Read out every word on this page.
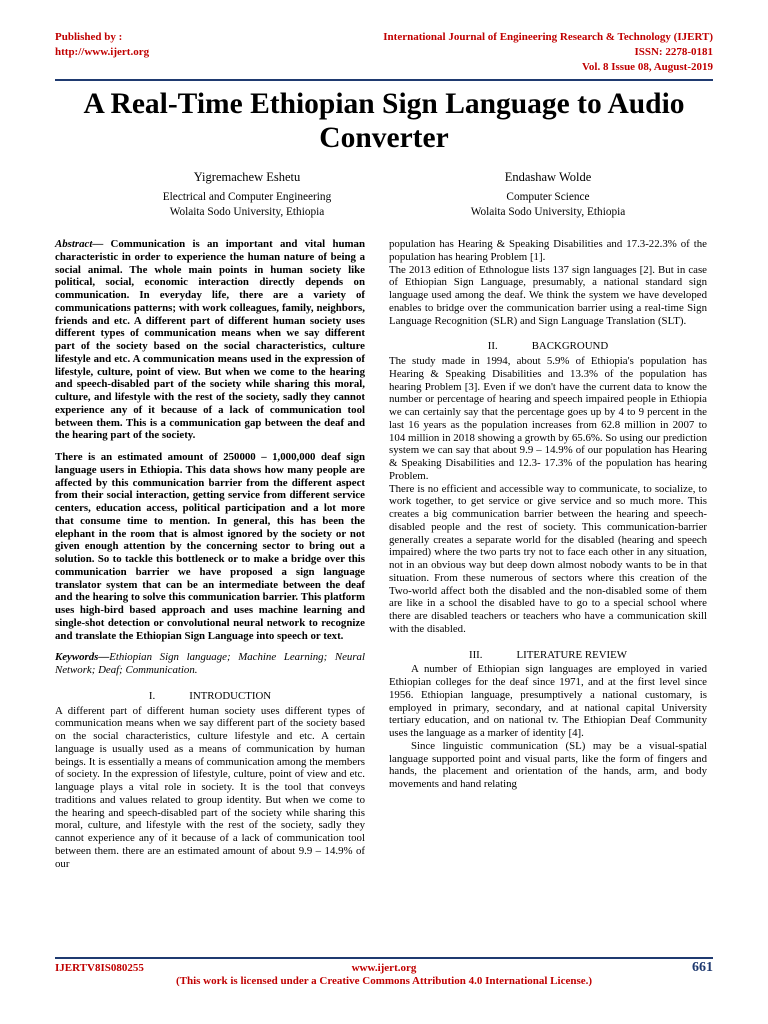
Published by :
http://www.ijert.org
International Journal of Engineering Research & Technology (IJERT)
ISSN: 2278-0181
Vol. 8 Issue 08, August-2019
A Real-Time Ethiopian Sign Language to Audio Converter
Yigremachew Eshetu
Electrical and Computer Engineering
Wolaita Sodo University, Ethiopia
Endashaw Wolde
Computer Science
Wolaita Sodo University, Ethiopia

Abstract— Communication is an important and vital human characteristic in order to experience the human nature of being a social animal. The whole main points in human society like political, social, economic interaction directly depends on communication. In everyday life, there are a variety of communications patterns; with work colleagues, family, neighbors, friends and etc. A different part of different human society uses different types of communication means when we say different part of the society based on the social characteristics, culture lifestyle and etc. A communication means used in the expression of lifestyle, culture, point of view. But when we come to the hearing and speech-disabled part of the society while sharing this moral, culture, and lifestyle with the rest of the society, sadly they cannot experience any of it because of a lack of communication tool between them. This is a communication gap between the deaf and the hearing part of the society.

There is an estimated amount of 250000 – 1,000,000 deaf sign language users in Ethiopia. This data shows how many people are affected by this communication barrier from the different aspect from their social interaction, getting service from different service centers, education access, political participation and a lot more that consume time to mention. In general, this has been the elephant in the room that is almost ignored by the society or not given enough attention by the concerning sector to bring out a solution. So to tackle this bottleneck or to make a bridge over this communication barrier we have proposed a sign language translator system that can be an intermediate between the deaf and the hearing to solve this communication barrier. This platform uses high-bird based approach and uses machine learning and single-shot detection or convolutional neural network to recognize and translate the Ethiopian Sign Language into speech or text.

Keywords—Ethiopian Sign language; Machine Learning; Neural Network; Deaf; Communication.

I.	INTRODUCTION

A different part of different human society uses different types of communication means when we say different part of the society based on the social characteristics, culture lifestyle and etc. A certain language is usually used as a means of communication by human beings. It is essentially a means of communication among the members of society. In the expression of lifestyle, culture, point of view and etc. language plays a vital role in society. It is the tool that conveys traditions and values related to group identity. But when we come to the hearing and speech-disabled part of the society while sharing this moral, culture, and lifestyle with the rest of the society, sadly they cannot experience any of it because of a lack of communication tool between them. there are an estimated amount of about 9.9 – 14.9% of our

population has Hearing & Speaking Disabilities and 17.3-22.3% of the population has hearing Problem [1].

The 2013 edition of Ethnologue lists 137 sign languages [2]. But in case of Ethiopian Sign Language, presumably, a national standard sign language used among the deaf. We think the system we have developed enables to bridge over the communication barrier using a real-time Sign Language Recognition (SLR) and Sign Language Translation (SLT).

II.	BACKGROUND

The study made in 1994, about 5.9% of Ethiopia's population has Hearing & Speaking Disabilities and 13.3% of the population has hearing Problem [3]. Even if we don't have the current data to know the number or percentage of hearing and speech impaired people in Ethiopia we can certainly say that the percentage goes up by 4 to 9 percent in the last 16 years as the population increases from 62.8 million in 2007 to 104 million in 2018 showing a growth by 65.6%. So using our prediction system we can say that about 9.9 – 14.9% of our population has Hearing & Speaking Disabilities and 12.3- 17.3% of the population has hearing Problem.

There is no efficient and accessible way to communicate, to socialize, to work together, to get service or give service and so much more. This creates a big communication barrier between the hearing and speech-disabled people and the rest of society. This communication-barrier generally creates a separate world for the disabled (hearing and speech impaired) where the two parts try not to face each other in any situation, not in an obvious way but deep down almost nobody wants to be in that situation. From these numerous of sectors where this creation of the Two-world affect both the disabled and the non-disabled some of them are like in a school the disabled have to go to a special school where there are disabled teachers or teachers who have a communication skill with the disabled.

III.	LITERATURE REVIEW

A number of Ethiopian sign languages are employed in varied Ethiopian colleges for the deaf since 1971, and at the first level since 1956. Ethiopian language, presumptively a national customary, is employed in primary, secondary, and at national capital University tertiary education, and on national tv. The Ethiopian Deaf Community uses the language as a marker of identity [4].

Since linguistic communication (SL) may be a visual-spatial language supported point and visual parts, like the form of fingers and hands, the placement and orientation of the hands, arm, and body movements and hand relating

IJERTV8IS080255	www.ijert.org
(This work is licensed under a Creative Commons Attribution 4.0 International License.)
661
